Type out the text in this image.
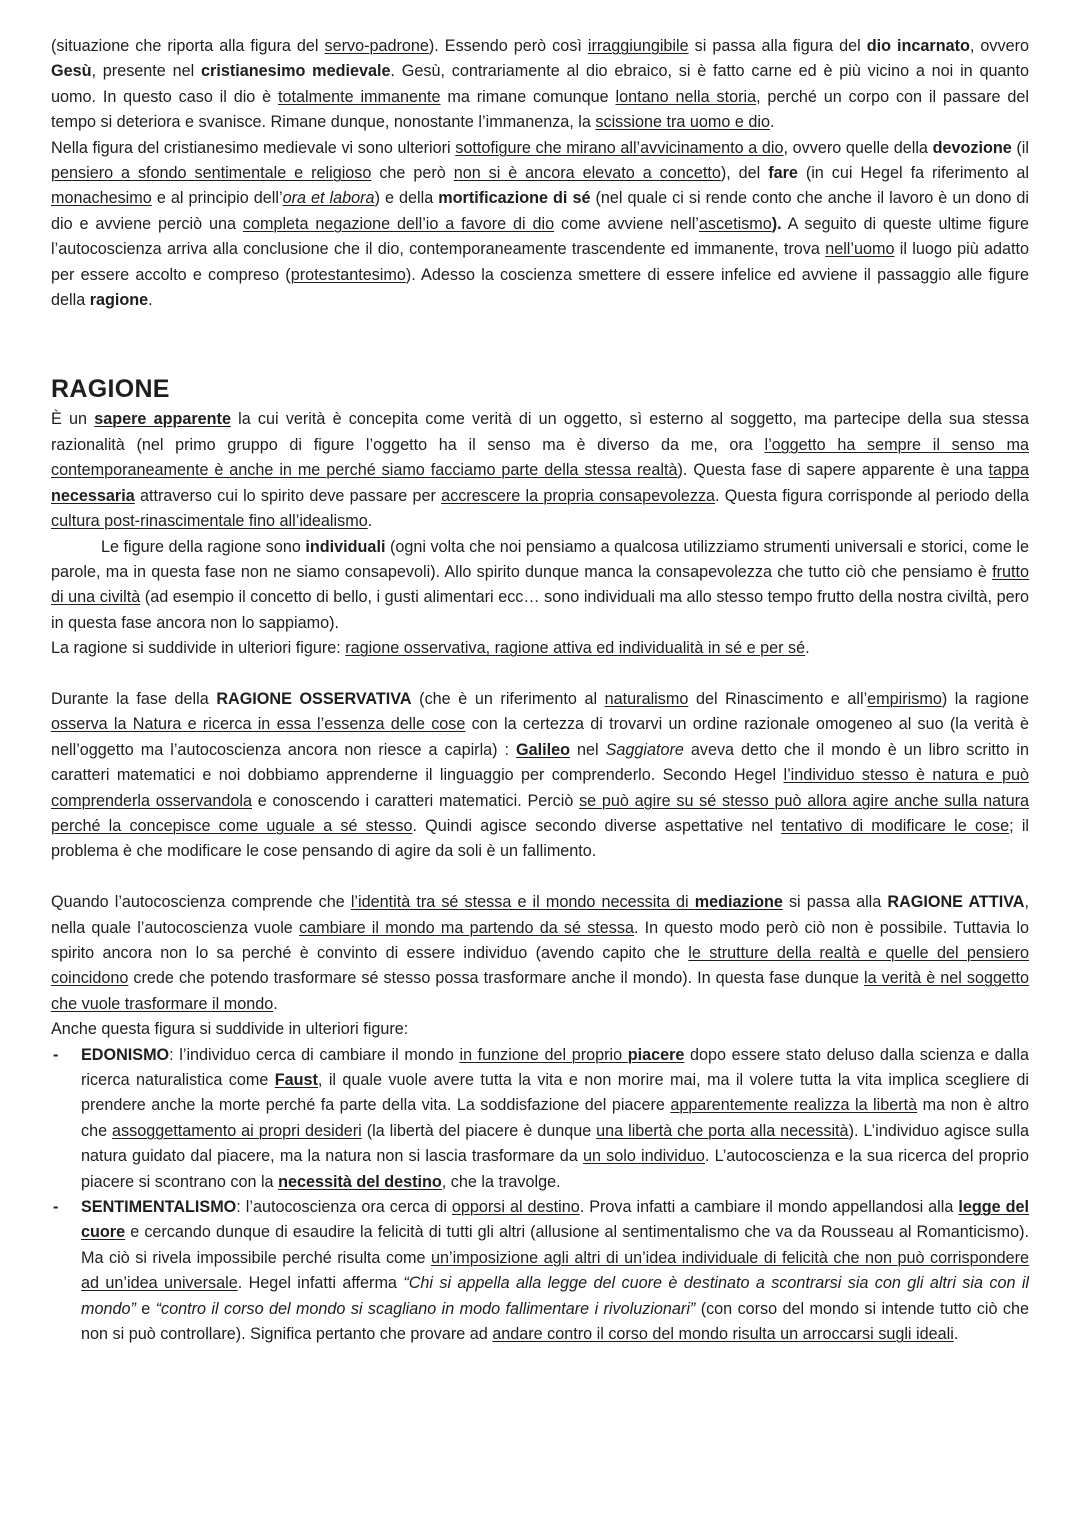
(situazione che riporta alla figura del servo-padrone). Essendo però così irraggiungibile si passa alla figura del dio incarnato, ovvero Gesù, presente nel cristianesimo medievale. Gesù, contrariamente al dio ebraico, si è fatto carne ed è più vicino a noi in quanto uomo. In questo caso il dio è totalmente immanente ma rimane comunque lontano nella storia, perché un corpo con il passare del tempo si deteriora e svanisce. Rimane dunque, nonostante l’immanenza, la scissione tra uomo e dio.

Nella figura del cristianesimo medievale vi sono ulteriori sottofigure che mirano all’avvicinamento a dio, ovvero quelle della devozione (il pensiero a sfondo sentimentale e religioso che però non si è ancora elevato a concetto), del fare (in cui Hegel fa riferimento al monachesimo e al principio dell’ora et labora) e della mortificazione di sé (nel quale ci si rende conto che anche il lavoro è un dono di dio e avviene perciò una completa negazione dell’io a favore di dio come avviene nell’ascetismo). A seguito di queste ultime figure l’autocoscienza arriva alla conclusione che il dio, contemporaneamente trascendente ed immanente, trova nell’uomo il luogo più adatto per essere accolto e compreso (protestantesimo). Adesso la coscienza smettere di essere infelice ed avviene il passaggio alle figure della ragione.

RAGIONE

È un sapere apparente la cui verità è concepita come verità di un oggetto, sì esterno al soggetto, ma partecipe della sua stessa razionalità (nel primo gruppo di figure l’oggetto ha il senso ma è diverso da me, ora l’oggetto ha sempre il senso ma contemporaneamente è anche in me perché siamo facciamo parte della stessa realtà). Questa fase di sapere apparente è una tappa necessaria attraverso cui lo spirito deve passare per accrescere la propria consapevolezza. Questa figura corrisponde al periodo della cultura post-rinascimentale fino all’idealismo.

Le figure della ragione sono individuali (ogni volta che noi pensiamo a qualcosa utilizziamo strumenti universali e storici, come le parole, ma in questa fase non ne siamo consapevoli). Allo spirito dunque manca la consapevolezza che tutto ciò che pensiamo è frutto di una civiltà (ad esempio il concetto di bello, i gusti alimentari ecc… sono individuali ma allo stesso tempo frutto della nostra civiltà, pero in questa fase ancora non lo sappiamo).

La ragione si suddivide in ulteriori figure: ragione osservativa, ragione attiva ed individualità in sé e per sé.

Durante la fase della RAGIONE OSSERVATIVA (che è un riferimento al naturalismo del Rinascimento e all’empirismo) la ragione osserva la Natura e ricerca in essa l’essenza delle cose con la certezza di trovarvi un ordine razionale omogeneo al suo (la verità è nell’oggetto ma l’autocoscienza ancora non riesce a capirla) : Galileo nel Saggiatore aveva detto che il mondo è un libro scritto in caratteri matematici e noi dobbiamo apprenderne il linguaggio per comprenderlo. Secondo Hegel l’individuo stesso è natura e può comprenderla osservandola e conoscendo i caratteri matematici. Perciò se può agire su sé stesso può allora agire anche sulla natura perché la concepisce come uguale a sé stesso. Quindi agisce secondo diverse aspettative nel tentativo di modificare le cose; il problema è che modificare le cose pensando di agire da soli è un fallimento.

Quando l’autocoscienza comprende che l’identità tra sé stessa e il mondo necessita di mediazione si passa alla RAGIONE ATTIVA, nella quale l’autocoscienza vuole cambiare il mondo ma partendo da sé stessa. In questo modo però ciò non è possibile. Tuttavia lo spirito ancora non lo sa perché è convinto di essere individuo (avendo capito che le strutture della realtà e quelle del pensiero coincidono crede che potendo trasformare sé stesso possa trasformare anche il mondo). In questa fase dunque la verità è nel soggetto che vuole trasformare il mondo.

Anche questa figura si suddivide in ulteriori figure:

- EDONISMO: l’individuo cerca di cambiare il mondo in funzione del proprio piacere dopo essere stato deluso dalla scienza e dalla ricerca naturalistica come Faust, il quale vuole avere tutta la vita e non morire mai, ma il volere tutta la vita implica scegliere di prendere anche la morte perché fa parte della vita. La soddisfazione del piacere apparentemente realizza la libertà ma non è altro che assoggettamento ai propri desideri (la libertà del piacere è dunque una libertà che porta alla necessità). L’individuo agisce sulla natura guidato dal piacere, ma la natura non si lascia trasformare da un solo individuo. L’autocoscienza e la sua ricerca del proprio piacere si scontrano con la necessità del destino, che la travolge.
- SENTIMENTALISMO: l’autocoscienza ora cerca di opporsi al destino. Prova infatti a cambiare il mondo appellandosi alla legge del cuore e cercando dunque di esaudire la felicità di tutti gli altri (allusione al sentimentalismo che va da Rousseau al Romanticismo). Ma ciò si rivela impossibile perché risulta come un’imposizione agli altri di un’idea individuale di felicità che non può corrispondere ad un’idea universale. Hegel infatti afferma “Chi si appella alla legge del cuore è destinato a scontrarsi sia con gli altri sia con il mondo” e “contro il corso del mondo si scagliano in modo fallimentare i rivoluzionari” (con corso del mondo si intende tutto ciò che non si può controllare). Significa pertanto che provare ad andare contro il corso del mondo risulta un arroccarsi sugli ideali.
